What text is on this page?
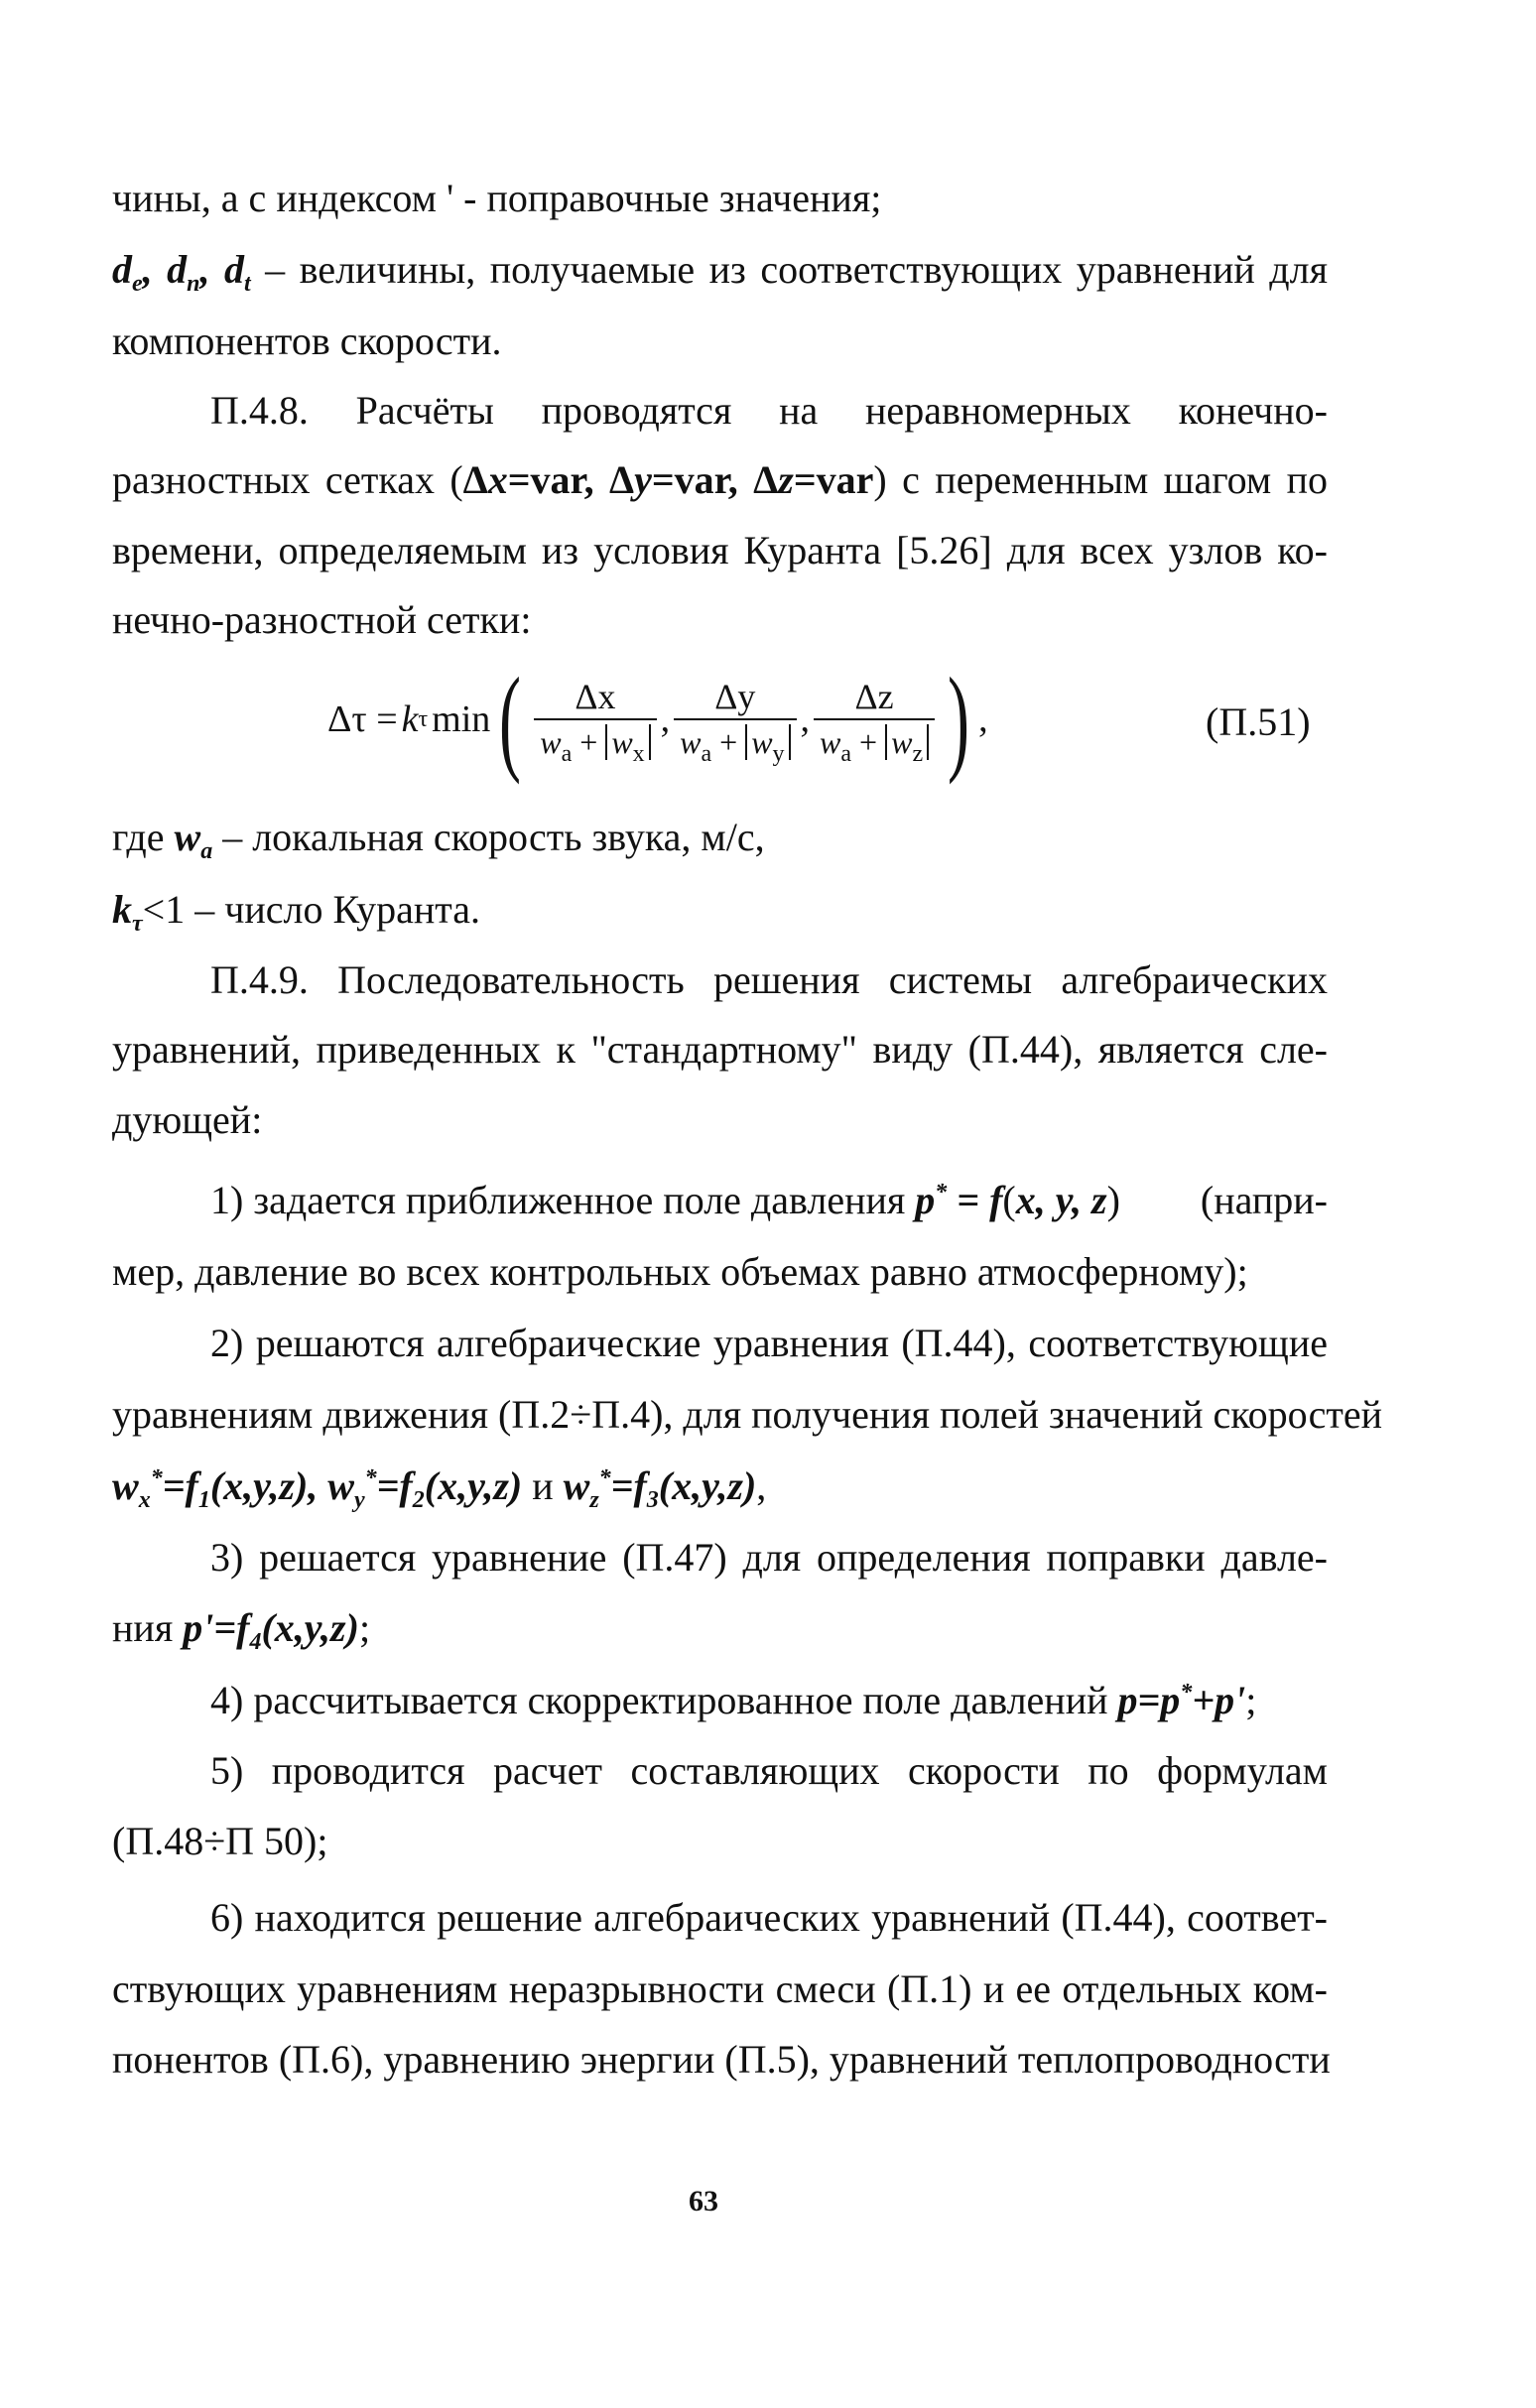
чины, а с индексом ' - поправочные значения;
$d_e$, $d_n$, $d_t$ – величины, получаемые из соответствующих уравнений для
компонентов скорости.
П.4.8. Расчёты проводятся на неравномерных конечно-
разностных сетках (Δx=var, Δy=var, Δz=var) с переменным шагом по
времени, определяемым из условия Куранта [5.26] для всех узлов ко-
нечно-разностной сетки:
Δτ = k τ min ( $\frac{\Delta x}{w_a + w_x}$ , $\frac{\Delta y}{w_a + w_y}$ , $\frac{\Delta z}{w_a + w_z}$ ) ,	(П.51)
где $w_a$ – локальная скорость звука, м/с,
$k_\tau<1$ – число Куранта.
П.4.9. Последовательность решения системы алгебраических
уравнений, приведенных к "стандартному" виду (П.44), является сле-
дующей:
1) задается приближенное поле давления p* = f(x, y, z) (напри-
мер, давление во всех контрольных объемах равно атмосферному);
2) решаются алгебраические уравнения (П.44), соответствующие
уравнениям движения (П.2÷П.4), для получения полей значений скоростей
$w_x^*=f_1(x,y,z)$, $w_y^*=f_2(x,y,z)$ и $w_z^*=f_3(x,y,z)$,
3) решается уравнение (П.47) для определения поправки давле-
ния $p'=f_4(x,y,z)$;
4) рассчитывается скорректированное поле давлений p=p*+p';
5) проводится расчет составляющих скорости по формулам
(П.48÷П 50);
6) находится решение алгебраических уравнений (П.44), соответ-
ствующих уравнениям неразрывности смеси (П.1) и ее отдельных ком-
понентов (П.6), уравнению энергии (П.5), уравнений теплопроводности
63
